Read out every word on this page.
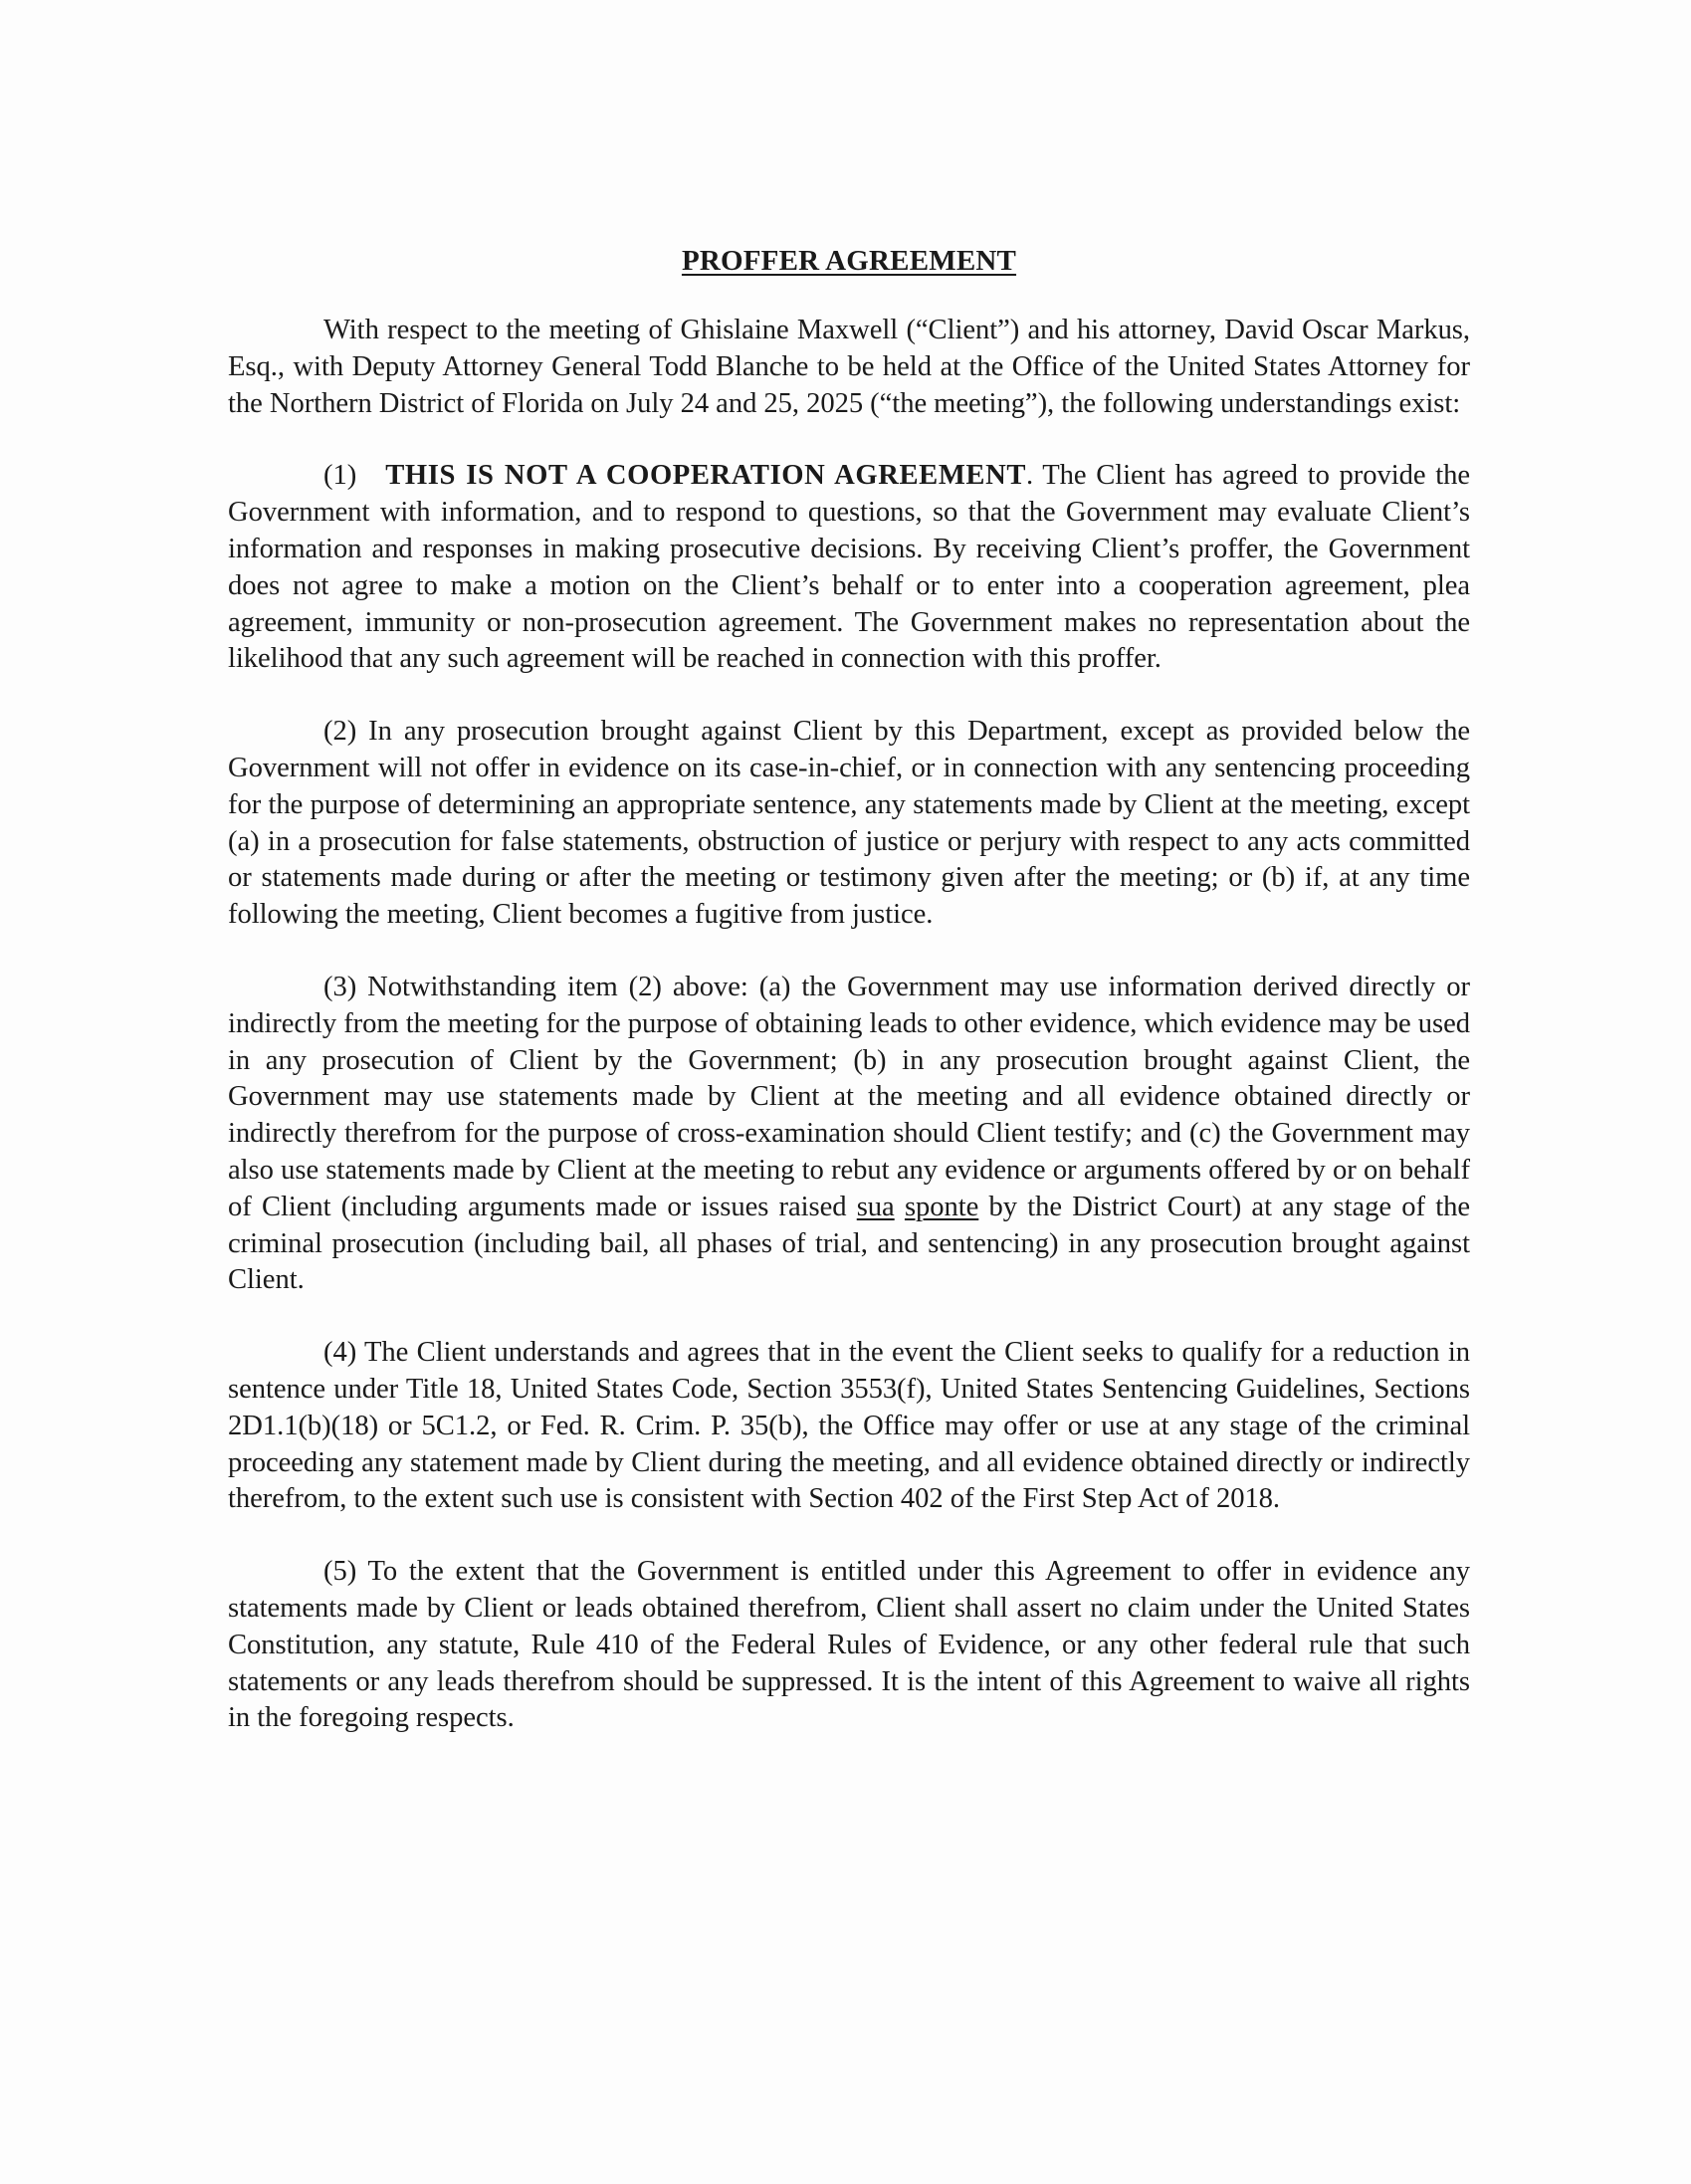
PROFFER AGREEMENT

With respect to the meeting of Ghislaine Maxwell (“Client”) and his attorney, David Oscar Markus, Esq., with Deputy Attorney General Todd Blanche to be held at the Office of the United States Attorney for the Northern District of Florida on July 24 and 25, 2025 (“the meeting”), the following understandings exist:

(1) THIS IS NOT A COOPERATION AGREEMENT. The Client has agreed to provide the Government with information, and to respond to questions, so that the Government may evaluate Client’s information and responses in making prosecutive decisions. By receiving Client’s proffer, the Government does not agree to make a motion on the Client’s behalf or to enter into a cooperation agreement, plea agreement, immunity or non-prosecution agreement. The Government makes no representation about the likelihood that any such agreement will be reached in connection with this proffer.

(2) In any prosecution brought against Client by this Department, except as provided below the Government will not offer in evidence on its case-in-chief, or in connection with any sentencing proceeding for the purpose of determining an appropriate sentence, any statements made by Client at the meeting, except (a) in a prosecution for false statements, obstruction of justice or perjury with respect to any acts committed or statements made during or after the meeting or testimony given after the meeting; or (b) if, at any time following the meeting, Client becomes a fugitive from justice.

(3) Notwithstanding item (2) above: (a) the Government may use information derived directly or indirectly from the meeting for the purpose of obtaining leads to other evidence, which evidence may be used in any prosecution of Client by the Government; (b) in any prosecution brought against Client, the Government may use statements made by Client at the meeting and all evidence obtained directly or indirectly therefrom for the purpose of cross-examination should Client testify; and (c) the Government may also use statements made by Client at the meeting to rebut any evidence or arguments offered by or on behalf of Client (including arguments made or issues raised sua sponte by the District Court) at any stage of the criminal prosecution (including bail, all phases of trial, and sentencing) in any prosecution brought against Client.

(4) The Client understands and agrees that in the event the Client seeks to qualify for a reduction in sentence under Title 18, United States Code, Section 3553(f), United States Sentencing Guidelines, Sections 2D1.1(b)(18) or 5C1.2, or Fed. R. Crim. P. 35(b), the Office may offer or use at any stage of the criminal proceeding any statement made by Client during the meeting, and all evidence obtained directly or indirectly therefrom, to the extent such use is consistent with Section 402 of the First Step Act of 2018.

(5) To the extent that the Government is entitled under this Agreement to offer in evidence any statements made by Client or leads obtained therefrom, Client shall assert no claim under the United States Constitution, any statute, Rule 410 of the Federal Rules of Evidence, or any other federal rule that such statements or any leads therefrom should be suppressed. It is the intent of this Agreement to waive all rights in the foregoing respects.
